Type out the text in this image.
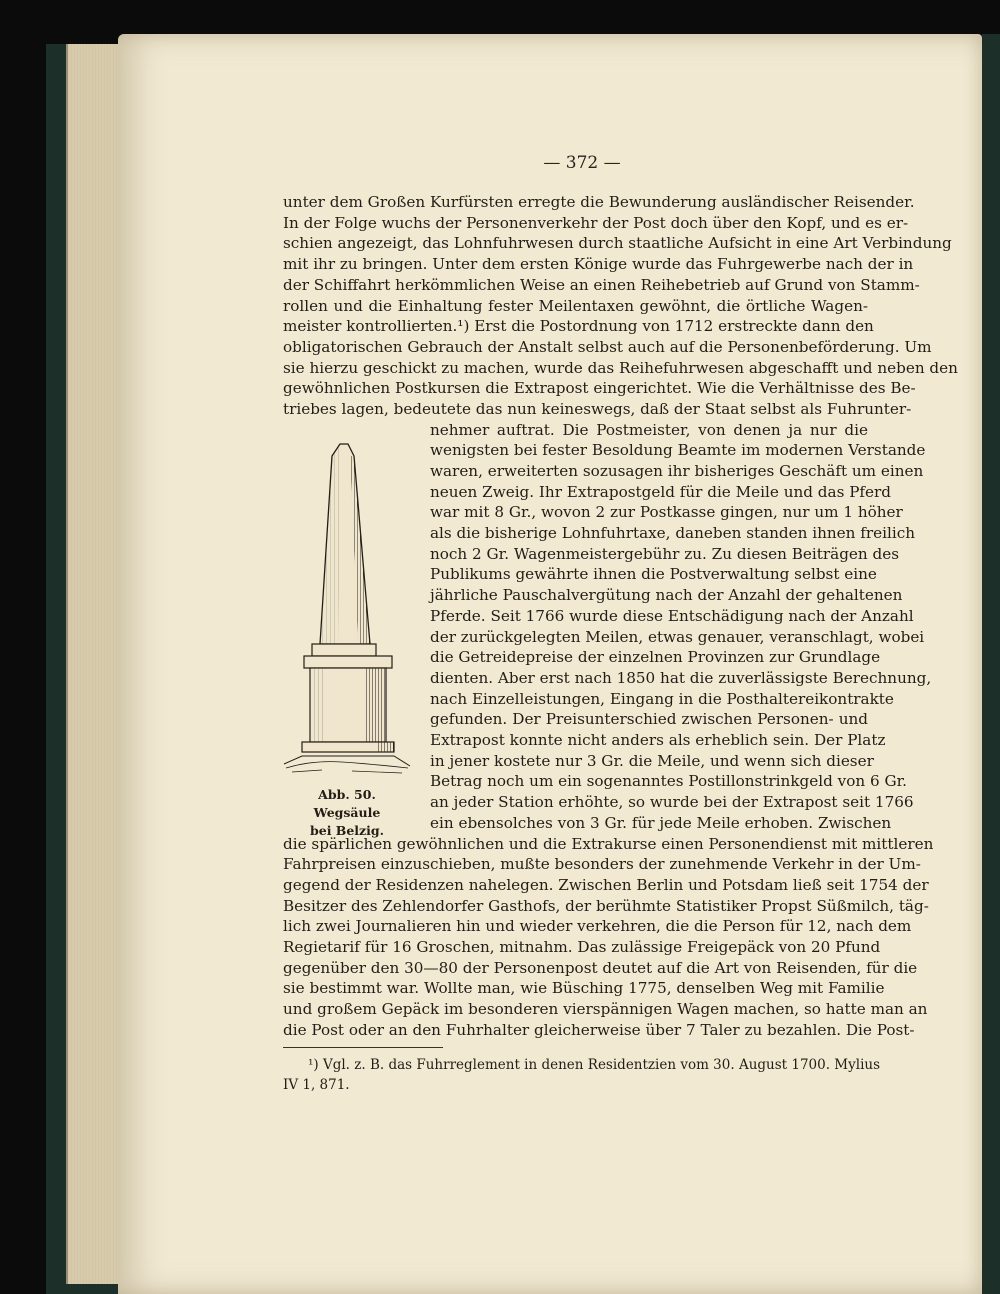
— 372 —
unter dem Großen Kurfürsten erregte die Bewunderung ausländischer Reisender.
In der Folge wuchs der Personenverkehr der Post doch über den Kopf, und es er-
schien angezeigt, das Lohnfuhrwesen durch staatliche Aufsicht in eine Art Verbindung
mit ihr zu bringen. Unter dem ersten Könige wurde das Fuhrgewerbe nach der in
der Schiffahrt herkömmlichen Weise an einen Reihebetrieb auf Grund von Stamm-
rollen und die Einhaltung fester Meilentaxen gewöhnt, die örtliche Wagen-
meister kontrollierten.¹) Erst die Postordnung von 1712 erstreckte dann den
obligatorischen Gebrauch der Anstalt selbst auch auf die Personenbeförderung. Um
sie hierzu geschickt zu machen, wurde das Reihefuhrwesen abgeschafft und neben den
gewöhnlichen Postkursen die Extrapost eingerichtet. Wie die Verhältnisse des Be-
triebes lagen, bedeutete das nun keineswegs, daß der Staat selbst als Fuhrunter-
nehmer auftrat. Die Postmeister, von denen ja nur die
wenigsten bei fester Besoldung Beamte im modernen Verstande
waren, erweiterten sozusagen ihr bisheriges Geschäft um einen
neuen Zweig. Ihr Extrapostgeld für die Meile und das Pferd
war mit 8 Gr., wovon 2 zur Postkasse gingen, nur um 1 höher
als die bisherige Lohnfuhrtaxe, daneben standen ihnen freilich
noch 2 Gr. Wagenmeistergebühr zu. Zu diesen Beiträgen des
Publikums gewährte ihnen die Postverwaltung selbst eine
jährliche Pauschalvergütung nach der Anzahl der gehaltenen
Pferde. Seit 1766 wurde diese Entschädigung nach der Anzahl
der zurückgelegten Meilen, etwas genauer, veranschlagt, wobei
die Getreidepreise der einzelnen Provinzen zur Grundlage
dienten. Aber erst nach 1850 hat die zuverlässigste Berechnung,
nach Einzelleistungen, Eingang in die Posthaltereikontrakte
gefunden. Der Preisunterschied zwischen Personen- und
Extrapost konnte nicht anders als erheblich sein. Der Platz
in jener kostete nur 3 Gr. die Meile, und wenn sich dieser
Betrag noch um ein sogenanntes Postillonstrinkgeld von 6 Gr.
an jeder Station erhöhte, so wurde bei der Extrapost seit 1766
ein ebensolches von 3 Gr. für jede Meile erhoben. Zwischen
die spärlichen gewöhnlichen und die Extrakurse einen Personendienst mit mittleren
Fahrpreisen einzuschieben, mußte besonders der zunehmende Verkehr in der Um-
gegend der Residenzen nahelegen. Zwischen Berlin und Potsdam ließ seit 1754 der
Besitzer des Zehlendorfer Gasthofs, der berühmte Statistiker Propst Süßmilch, täg-
lich zwei Journalieren hin und wieder verkehren, die die Person für 12, nach dem
Regietarif für 16 Groschen, mitnahm. Das zulässige Freigepäck von 20 Pfund
gegenüber den 30—80 der Personenpost deutet auf die Art von Reisenden, für die
sie bestimmt war. Wollte man, wie Büsching 1775, denselben Weg mit Familie
und großem Gepäck im besonderen vierspännigen Wagen machen, so hatte man an
die Post oder an den Fuhrhalter gleicherweise über 7 Taler zu bezahlen. Die Post-
Abb. 50. Wegsäule
bei Belzig.
¹) Vgl. z. B. das Fuhrreglement in denen Residentzien vom 30. August 1700. Mylius
IV 1, 871.
